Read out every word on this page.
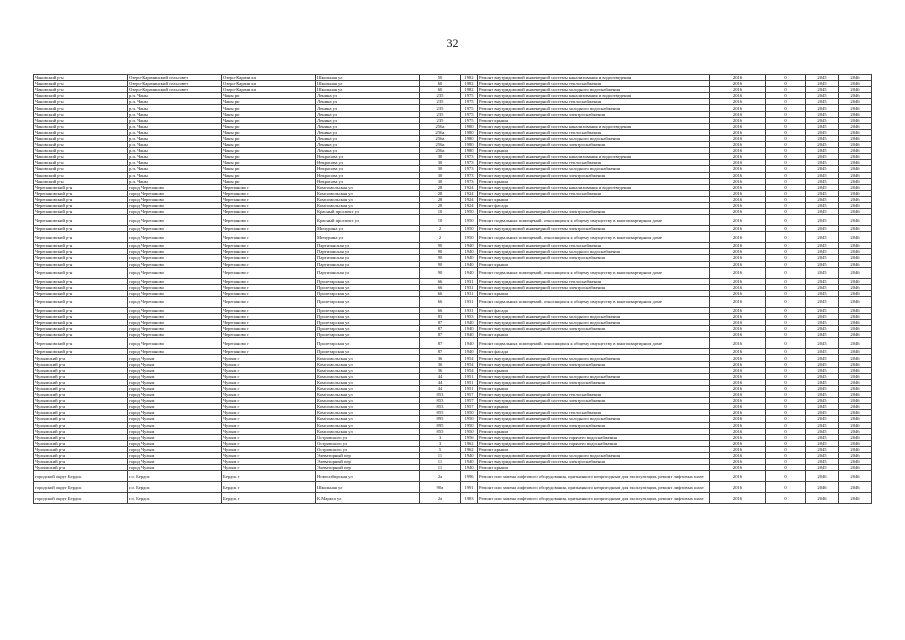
32
Чановский р-н	Озеро-Карачинский сельсовет	Озеро-Карачи кп	Школьная ул	50	1982	Ремонт внутридомовой инженерной системы канализования и водоотведения	2016	0	2045	2046
Чановский р-н	Озеро-Карачинский сельсовет	Озеро-Карачи кп	Школьная ул	60	1982	Ремонт внутридомовой инженерной системы теплоснабжения	2016	0	2045	2046
Чановский р-н	Озеро-Карачинский сельсовет	Озеро-Карачи кп	Школьная ул	60	1982	Ремонт внутридомовой инженерной системы холодного водоснабжения	2016	0	2045	2046
Чановский р-н	р.п. Чаны	Чаны рп	Ленина ул	235	1975	Ремонт внутридомовой инженерной системы канализования и водоотведения	2016	0	2045	2046
Чановский р-н	р.п. Чаны	Чаны рп	Ленина ул	235	1975	Ремонт внутридомовой инженерной системы теплоснабжения	2016	0	2045	2046
Чановский р-н	р.п. Чаны	Чаны рп	Ленина ул	235	1975	Ремонт внутридомовой инженерной системы холодного водоснабжения	2016	0	2045	2046
Чановский р-н	р.п. Чаны	Чаны рп	Ленина ул	235	1975	Ремонт внутридомовой инженерной системы электроснабжения	2016	0	2045	2046
Чановский р-н	р.п. Чаны	Чаны рп	Ленина ул	235	1975	Ремонт крыши	2016	0	2045	2046
Чановский р-н	р.п. Чаны	Чаны рп	Ленина ул	256а	1980	Ремонт внутридомовой инженерной системы канализования и водоотведения	2016	0	2045	2046
Чановский р-н	р.п. Чаны	Чаны рп	Ленина ул	256а	1980	Ремонт внутридомовой инженерной системы теплоснабжения	2016	0	2045	2046
Чановский р-н	р.п. Чаны	Чаны рп	Ленина ул	256а	1980	Ремонт внутридомовой инженерной системы холодного водоснабжения	2016	0	2045	2046
Чановский р-н	р.п. Чаны	Чаны рп	Ленина ул	256а	1980	Ремонт внутридомовой инженерной системы электроснабжения	2016	0	2045	2046
Чановский р-н	р.п. Чаны	Чаны рп	Ленина ул	256а	1980	Ремонт крыши	2016	0	2045	2046
Чановский р-н	р.п. Чаны	Чаны рп	Некрасова ул	30	1973	Ремонт внутридомовой инженерной системы канализования и водоотведения	2016	0	2045	2046
Чановский р-н	р.п. Чаны	Чаны рп	Некрасова ул	30	1973	Ремонт внутридомовой инженерной системы теплоснабжения	2016	0	2045	2046
Чановский р-н	р.п. Чаны	Чаны рп	Некрасова ул	30	1973	Ремонт внутридомовой инженерной системы холодного водоснабжения	2016	0	2045	2046
Чановский р-н	р.п. Чаны	Чаны рп	Некрасова ул	30	1973	Ремонт внутридомовой инженерной системы электроснабжения	2016	0	2045	2046
Чановский р-н	р.п. Чаны	Чаны рп	Некрасова ул	30	1973	Ремонт крыши	2016	0	2045	2046
Черепановский р-н	город Черепаново	Черепаново г	Комсомольская ул	28	1924	Ремонт внутридомовой инженерной системы канализования и водоотведения	2016	0	2045	2046
Черепановский р-н	город Черепаново	Черепаново г	Комсомольская ул	28	1924	Ремонт внутридомовой инженерной системы теплоснабжения	2016	0	2045	2046
Черепановский р-н	город Черепаново	Черепаново г	Комсомольская ул	28	1924	Ремонт крыши	2016	0	2045	2046
Черепановский р-н	город Черепаново	Черепаново г	Комсомольская ул	28	1924	Ремонт фасада	2016	0	2045	2046
Черепановский р-н	город Черепаново	Черепаново г	Красный проспект ул	10	1950	Ремонт внутридомовой инженерной системы электроснабжения	2016	0	2045	2046
Черепановский р-н	город Черепаново	Черепаново г	Красный проспект ул	10	1950	Ремонт подвальных помещений, относящихся к общему имуществу в многоквартирном доме	2016	0	2045	2046
Черепановский р-н	город Черепаново	Черепаново г	Мичурина ул	2	1950	Ремонт внутридомовой инженерной системы электроснабжения	2016	0	2045	2046
Черепановский р-н	город Черепаново	Черепаново г	Мичурина ул	2	1950	Ремонт подвальных помещений, относящихся к общему имуществу в многоквартирном доме	2016	0	2045	2046
Черепановский р-н	город Черепаново	Черепаново г	Партизанская ул	90	1940	Ремонт внутридомовой инженерной системы теплоснабжения	2016	0	2045	2046
Черепановский р-н	город Черепаново	Черепаново г	Партизанская ул	90	1940	Ремонт внутридомовой инженерной системы холодного водоснабжения	2016	0	2045	2046
Черепановский р-н	город Черепаново	Черепаново г	Партизанская ул	90	1940	Ремонт внутридомовой инженерной системы электроснабжения	2016	0	2045	2046
Черепановский р-н	город Черепаново	Черепаново г	Партизанская ул	90	1940	Ремонт крыши	2016	0	2045	2046
Черепановский р-н	город Черепаново	Черепаново г	Партизанская ул	90	1940	Ремонт подвальных помещений, относящихся к общему имуществу в многоквартирном доме	2016	0	2045	2046
Черепановский р-н	город Черепаново	Черепаново г	Пролетарская ул	66	1931	Ремонт внутридомовой инженерной системы теплоснабжения	2016	0	2045	2046
Черепановский р-н	город Черепаново	Черепаново г	Пролетарская ул	66	1931	Ремонт внутридомовой инженерной системы электроснабжения	2016	0	2045	2046
Черепановский р-н	город Черепаново	Черепаново г	Пролетарская ул	66	1931	Ремонт крыши	2016	0	2045	2046
Черепановский р-н	город Черепаново	Черепаново г	Пролетарская ул	66	1931	Ремонт подвальных помещений, относящихся к общему имуществу в многоквартирном доме	2016	0	2045	2046
Черепановский р-н	город Черепаново	Черепаново г	Пролетарская ул	66	1931	Ремонт фасада	2016	0	2045	2046
Черепановский р-н	город Черепаново	Черепаново г	Пролетарская ул	83	1953	Ремонт внутридомовой инженерной системы холодного водоснабжения	2016	0	2045	2046
Черепановский р-н	город Черепаново	Черепаново г	Пролетарская ул	87	1940	Ремонт внутридомовой инженерной системы холодного водоснабжения	2016	0	2045	2046
Черепановский р-н	город Черепаново	Черепаново г	Пролетарская ул	87	1940	Ремонт внутридомовой инженерной системы электроснабжения	2016	0	2045	2046
Черепановский р-н	город Черепаново	Черепаново г	Пролетарская ул	87	1940	Ремонт крыши	2016	0	2045	2046
Черепановский р-н	город Черепаново	Черепаново г	Пролетарская ул	87	1940	Ремонт подвальных помещений, относящихся к общему имуществу в многоквартирном доме	2016	0	2045	2046
Черепановский р-н	город Черепаново	Черепаново г	Пролетарская ул	87	1940	Ремонт фасада	2016	0	2045	2046
Чулымский р-н	город Чулым	Чулым г	Комсомольская ул	36	1954	Ремонт внутридомовой инженерной системы холодного водоснабжения	2016	0	2045	2046
Чулымский р-н	город Чулым	Чулым г	Комсомольская ул	36	1954	Ремонт внутридомовой инженерной системы электроснабжения	2016	0	2045	2046
Чулымский р-н	город Чулым	Чулым г	Комсомольская ул	36	1954	Ремонт крыши	2016	0	2045	2046
Чулымский р-н	город Чулым	Чулым г	Комсомольская ул	44	1951	Ремонт внутридомовой инженерной системы холодного водоснабжения	2016	0	2045	2046
Чулымский р-н	город Чулым	Чулым г	Комсомольская ул	44	1951	Ремонт внутридомовой инженерной системы электроснабжения	2016	0	2045	2046
Чулымский р-н	город Чулым	Чулым г	Комсомольская ул	44	1951	Ремонт крыши	2016	0	2045	2046
Чулымский р-н	город Чулым	Чулым г	Комсомольская ул	853	1957	Ремонт внутридомовой инженерной системы теплоснабжения	2016	0	2045	2046
Чулымский р-н	город Чулым	Чулым г	Комсомольская ул	853	1957	Ремонт внутридомовой инженерной системы электроснабжения	2016	0	2045	2046
Чулымский р-н	город Чулым	Чулым г	Комсомольская ул	853	1957	Ремонт крыши	2016	0	2045	2046
Чулымский р-н	город Чулым	Чулым г	Комсомольская ул	855	1950	Ремонт внутридомовой инженерной системы теплоснабжения	2016	0	2045	2046
Чулымский р-н	город Чулым	Чулым г	Комсомольская ул	895	1950	Ремонт внутридомовой инженерной системы холодного водоснабжения	2016	0	2045	2046
Чулымский р-н	город Чулым	Чулым г	Комсомольская ул	895	1950	Ремонт внутридомовой инженерной системы электроснабжения	2016	0	2045	2046
Чулымский р-н	город Чулым	Чулым г	Комсомольская ул	855	1950	Ремонт крыши	2016	0	2045	2046
Чулымский р-н	город Чулым	Чулым г	Островского ул	3	1956	Ремонт внутридомовой инженерной системы горячего водоснабжения	2016	0	2045	2046
Чулымский р-н	город Чулым	Чулым г	Островского ул	3	1962	Ремонт внутридомовой инженерной системы горячего водоснабжения	2016	0	2045	2046
Чулымский р-н	город Чулым	Чулым г	Островского ул	5	1962	Ремонт крыши	2016	0	2045	2046
Чулымский р-н	город Чулым	Чулым г	Элеваторный пер	11	1940	Ремонт внутридомовой инженерной системы холодного водоснабжения	2016	0	2045	2046
Чулымский р-н	город Чулым	Чулым г	Элеваторный пер	11	1940	Ремонт внутридомовой инженерной системы электроснабжения	2016	0	2045	2046
Чулымский р-н	город Чулым	Чулым г	Элеваторный пер	11	1940	Ремонт крыши	2016	0	2045	2046
городской округ Бердск	г.о. Бердск	Бердск г	Новосибирская ул	2а	1996	Ремонт или замена лифтового оборудования, признанного непригодным для эксплуатации, ремонт лифтовых шахт	2016	0	2046	2046
городской округ Бердск	г.о. Бердск	Бердск г	Школьная ул	90а	1991	Ремонт или замена лифтового оборудования, признанного непригодным для эксплуатации, ремонт лифтовых шахт	2016	0	2046	2046
городской округ Бердск	г.о. Бердск	Бердск г	К.Маркса ул	2а	1983	Ремонт или замена лифтового оборудования, признанного непригодным для эксплуатации, ремонт лифтовых шахт	2016	0	2046	2046
